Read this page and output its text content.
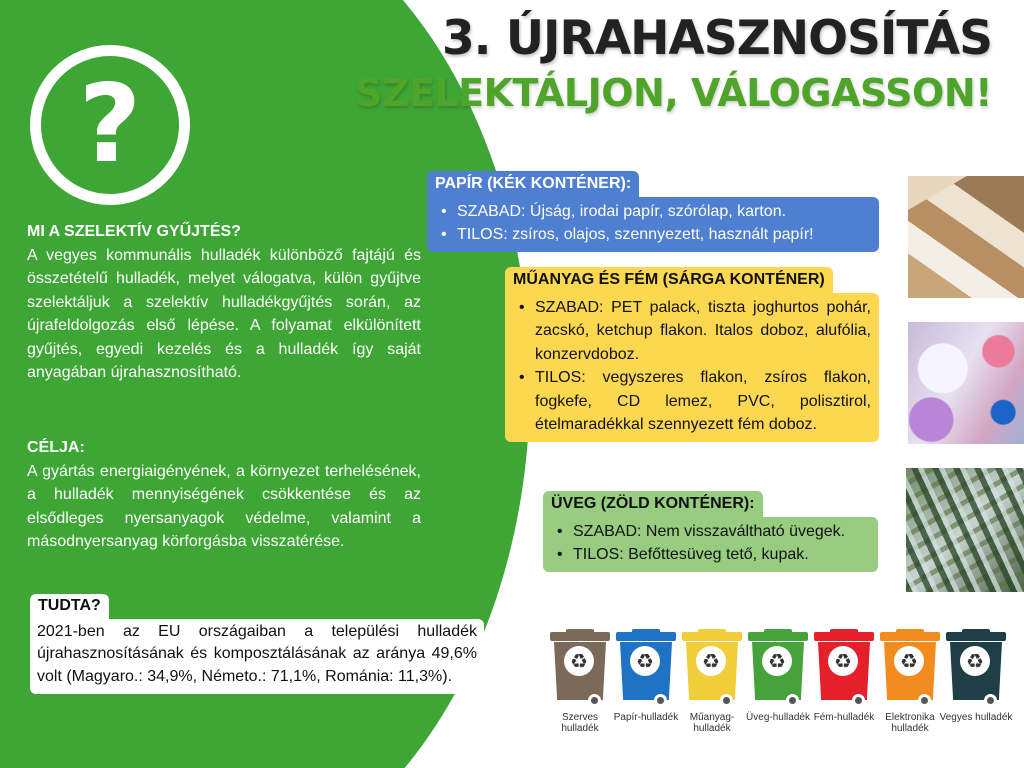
?
3. ÚJRAHASZNOSÍTÁS
SZELEKTÁLJON, VÁLOGASSON!
MI A SZELEKTÍV GYŰJTÉS?
A vegyes kommunális hulladék különböző fajtájú és összetételű hulladék, melyet válogatva, külön gyűjtve szelektáljuk a szelektív hulladékgyűjtés során, az újrafeldolgozás első lépése. A folyamat elkülönített gyűjtés, egyedi kezelés és a hulladék így saját anyagában újrahasznosítható.
CÉLJA:
A gyártás energiaigényének, a környezet terhelésének, a hulladék mennyiségének csökkentése és az elsődleges nyersanyagok védelme, valamint a másodnyersanyag körforgásba visszatérése.
TUDTA?
2021-ben az EU országaiban a települési hulladék újrahasznosításának és komposztálásának az aránya 49,6% volt (Magyaro.: 34,9%, Németo.: 71,1%, Románia: 11,3%).
PAPÍR (KÉK KONTÉNER):
• SZABAD: Újság, irodai papír, szórólap, karton.
• TILOS: zsíros, olajos, szennyezett, használt papír!
MŰANYAG ÉS FÉM (SÁRGA KONTÉNER)
• SZABAD: PET palack, tiszta joghurtos pohár, zacskó, ketchup flakon. Italos doboz, alufólia, konzervdoboz.
• TILOS: vegyszeres flakon, zsíros flakon, fogkefe, CD lemez, PVC, polisztirol, ételmaradékkal szennyezett fém doboz.
ÜVEG (ZÖLD KONTÉNER):
• SZABAD: Nem visszaváltható üvegek.
• TILOS: Befőttesüveg tető, kupak.
♻
Szerves hulladék
♻
Papír-hulladék
♻
Műanyag-hulladék
♻
Üveg-hulladék
♻
Fém-hulladék
♻
Elektronika hulladék
♻
Vegyes hulladék
